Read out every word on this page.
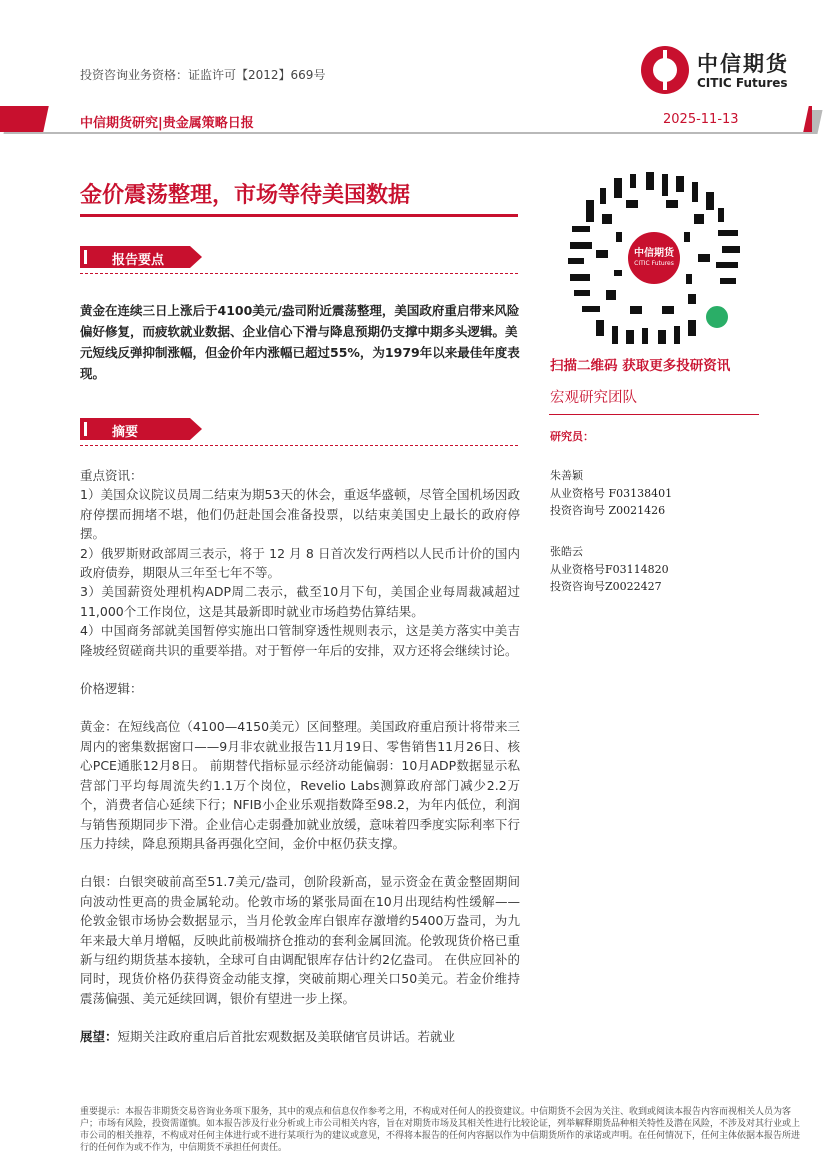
投资咨询业务资格：证监许可【2012】669号	中信期货
CITIC Futures
中信期货研究|贵金属策略日报	2025-11-13
金价震荡整理，市场等待美国数据
报告要点
黄金在连续三日上涨后于4100美元/盎司附近震荡整理，美国政府重启带来风险偏好修复，而疲软就业数据、企业信心下滑与降息预期仍支撑中期多头逻辑。美元短线反弹抑制涨幅，但金价年内涨幅已超过55%，为1979年以来最佳年度表现。
摘要

重点资讯：

1）美国众议院议员周二结束为期53天的休会，重返华盛顿，尽管全国机场因政府停摆而拥堵不堪，他们仍赶赴国会准备投票，以结束美国史上最长的政府停摆。

2）俄罗斯财政部周三表示，将于 12 月 8 日首次发行两档以人民币计价的国内政府债券，期限从三年至七年不等。

3）美国薪资处理机构ADP周二表示，截至10月下旬，美国企业每周裁减超过11,000个工作岗位，这是其最新即时就业市场趋势估算结果。

4）中国商务部就美国暂停实施出口管制穿透性规则表示，这是美方落实中美吉隆坡经贸磋商共识的重要举措。对于暂停一年后的安排，双方还将会继续讨论。

价格逻辑：

黄金：在短线高位（4100—4150美元）区间整理。美国政府重启预计将带来三周内的密集数据窗口——9月非农就业报告11月19日、零售销售11月26日、核心PCE通胀12月8日。 前期替代指标显示经济动能偏弱：10月ADP数据显示私营部门平均每周流失约1.1万个岗位，Revelio Labs测算政府部门减少2.2万个，消费者信心延续下行；NFIB小企业乐观指数降至98.2，为年内低位，利润与销售预期同步下滑。企业信心走弱叠加就业放缓，意味着四季度实际利率下行压力持续，降息预期具备再强化空间，金价中枢仍获支撑。

白银：白银突破前高至51.7美元/盎司，创阶段新高，显示资金在黄金整固期间向波动性更高的贵金属轮动。伦敦市场的紧张局面在10月出现结构性缓解——伦敦金银市场协会数据显示，当月伦敦金库白银库存激增约5400万盎司，为九年来最大单月增幅，反映此前极端挤仓推动的套利金属回流。伦敦现货价格已重新与纽约期货基本接轨，全球可自由调配银库存估计约2亿盎司。 在供应回补的同时，现货价格仍获得资金动能支撑，突破前期心理关口50美元。若金价维持震荡偏强、美元延续回调，银价有望进一步上探。

展望：短期关注政府重启后首批宏观数据及美联储官员讲话。若就业

中信期货
CITIC Futures
扫描二维码 获取更多投研资讯
宏观研究团队
研究员：
朱善颖
从业资格号 F03138401
投资咨询号 Z0021426
张皓云
从业资格号F03114820
投资咨询号Z0022427
重要提示：本报告非期货交易咨询业务项下服务，其中的观点和信息仅作参考之用，不构成对任何人的投资建议。中信期货不会因为关注、收到或阅读本报告内容而视相关人员为客户；市场有风险，投资需谨慎。如本报告涉及行业分析或上市公司相关内容，旨在对期货市场及其相关性进行比较论证，列举解释期货品种相关特性及潜在风险，不涉及对其行业或上市公司的相关推荐，不构成对任何主体进行或不进行某项行为的建议或意见，不得将本报告的任何内容据以作为中信期货所作的承诺或声明。在任何情况下，任何主体依据本报告所进行的任何作为或不作为，中信期货不承担任何责任。
